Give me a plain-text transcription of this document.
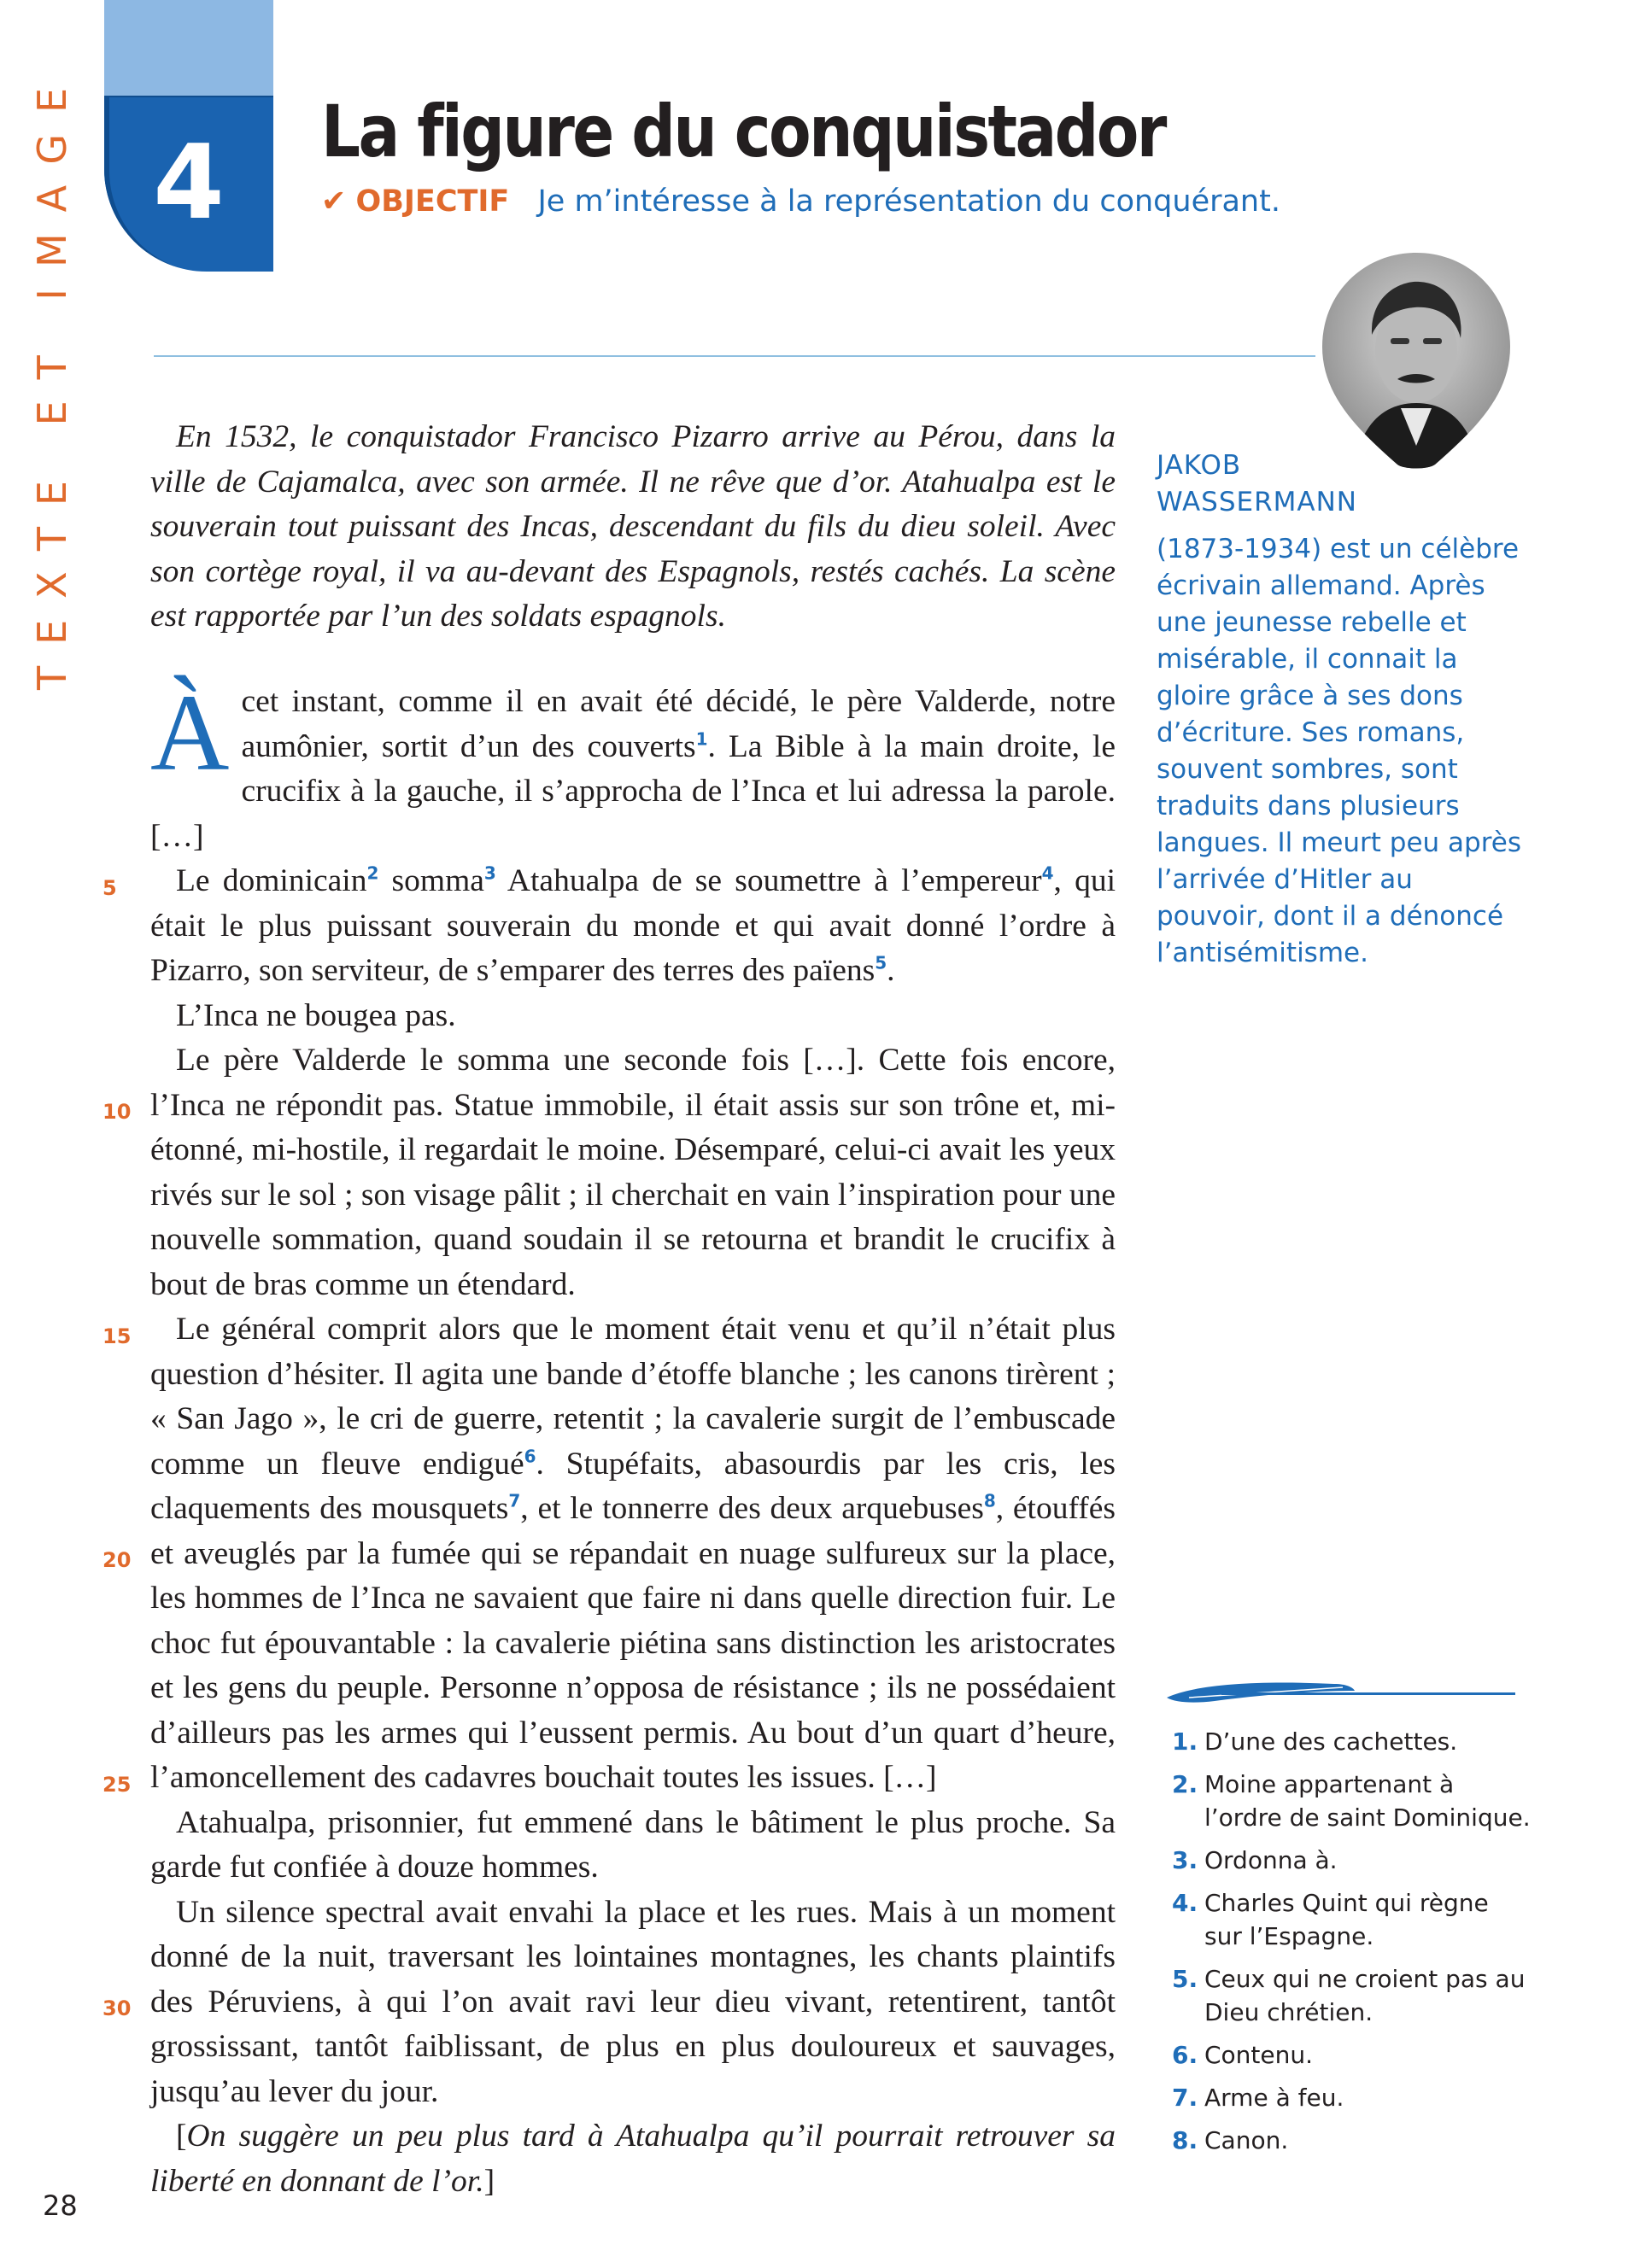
TEXTE ET IMAGE 4	La figure du conquistador
✔ OBJECTIF Je m’intéresse à la représentation du conquérant.
En 1532, le conquistador Francisco Pizarro arrive au Pérou, dans la ville de Cajamalca, avec son armée. Il ne rêve que d’or. Atahualpa est le souverain tout puissant des Incas, descendant du fils du dieu soleil. Avec son cortège royal, il va au-devant des Espagnols, restés cachés. La scène est rapportée par l’un des soldats espagnols.

À cet instant, comme il en avait été décidé, le père Valderde, notre aumônier, sortit d’un des couverts$^1$. La Bible à la main droite, le crucifix à la gauche, il s’approcha de l’Inca et lui adressa la parole. […]

Le dominicain$^2$ somma$^3$ Atahualpa de se soumettre à l’empereur$^4$, qui était le plus puissant souverain du monde et qui avait donné l’ordre à Pizarro, son serviteur, de s’emparer des terres des païens$^5$.

L’Inca ne bougea pas.

Le père Valderde le somma une seconde fois […]. Cette fois encore, l’Inca ne répondit pas. Statue immobile, il était assis sur son trône et, mi-étonné, mi-hostile, il regardait le moine. Désemparé, celui-ci avait les yeux rivés sur le sol ; son visage pâlit ; il cherchait en vain l’inspiration pour une nouvelle sommation, quand soudain il se retourna et brandit le crucifix à bout de bras comme un étendard.

Le général comprit alors que le moment était venu et qu’il n’était plus question d’hésiter. Il agita une bande d’étoffe blanche ; les canons tirèrent ; « San Jago », le cri de guerre, retentit ; la cavalerie surgit de l’embuscade comme un fleuve endigué$^6$. Stupéfaits, abasourdis par les cris, les claquements des mousquets$^7$, et le tonnerre des deux arquebuses$^8$, étouffés et aveuglés par la fumée qui se répandait en nuage sulfureux sur la place, les hommes de l’Inca ne savaient que faire ni dans quelle direction fuir. Le choc fut épouvantable : la cavalerie piétina sans distinction les aristocrates et les gens du peuple. Personne n’opposa de résistance ; ils ne possédaient d’ailleurs pas les armes qui l’eussent permis. Au bout d’un quart d’heure, l’amoncellement des cadavres bouchait toutes les issues. […]

Atahualpa, prisonnier, fut emmené dans le bâtiment le plus proche. Sa garde fut confiée à douze hommes.

Un silence spectral avait envahi la place et les rues. Mais à un moment donné de la nuit, traversant les lointaines montagnes, les chants plaintifs des Péruviens, à qui l’on avait ravi leur dieu vivant, retentirent, tantôt grossissant, tantôt faiblissant, de plus en plus douloureux et sauvages, jusqu’au lever du jour.

[On suggère un peu plus tard à Atahualpa qu’il pourrait retrouver sa liberté en donnant de l’or.]

5
10
15
20
25
30
JAKOB
WASSERMANN
(1873-1934) est un célèbre écrivain allemand. Après une jeunesse rebelle et misérable, il connait la gloire grâce à ses dons d’écriture. Ses romans, souvent sombres, sont traduits dans plusieurs langues. Il meurt peu après l’arrivée d’Hitler au pouvoir, dont il a dénoncé l’antisémitisme.
1. D’une des cachettes.
2. Moine appartenant à l’ordre de saint Dominique.
3. Ordonna à.
4. Charles Quint qui règne sur l’Espagne.
5. Ceux qui ne croient pas au Dieu chrétien.
6. Contenu.
7. Arme à feu.
8. Canon.
28
